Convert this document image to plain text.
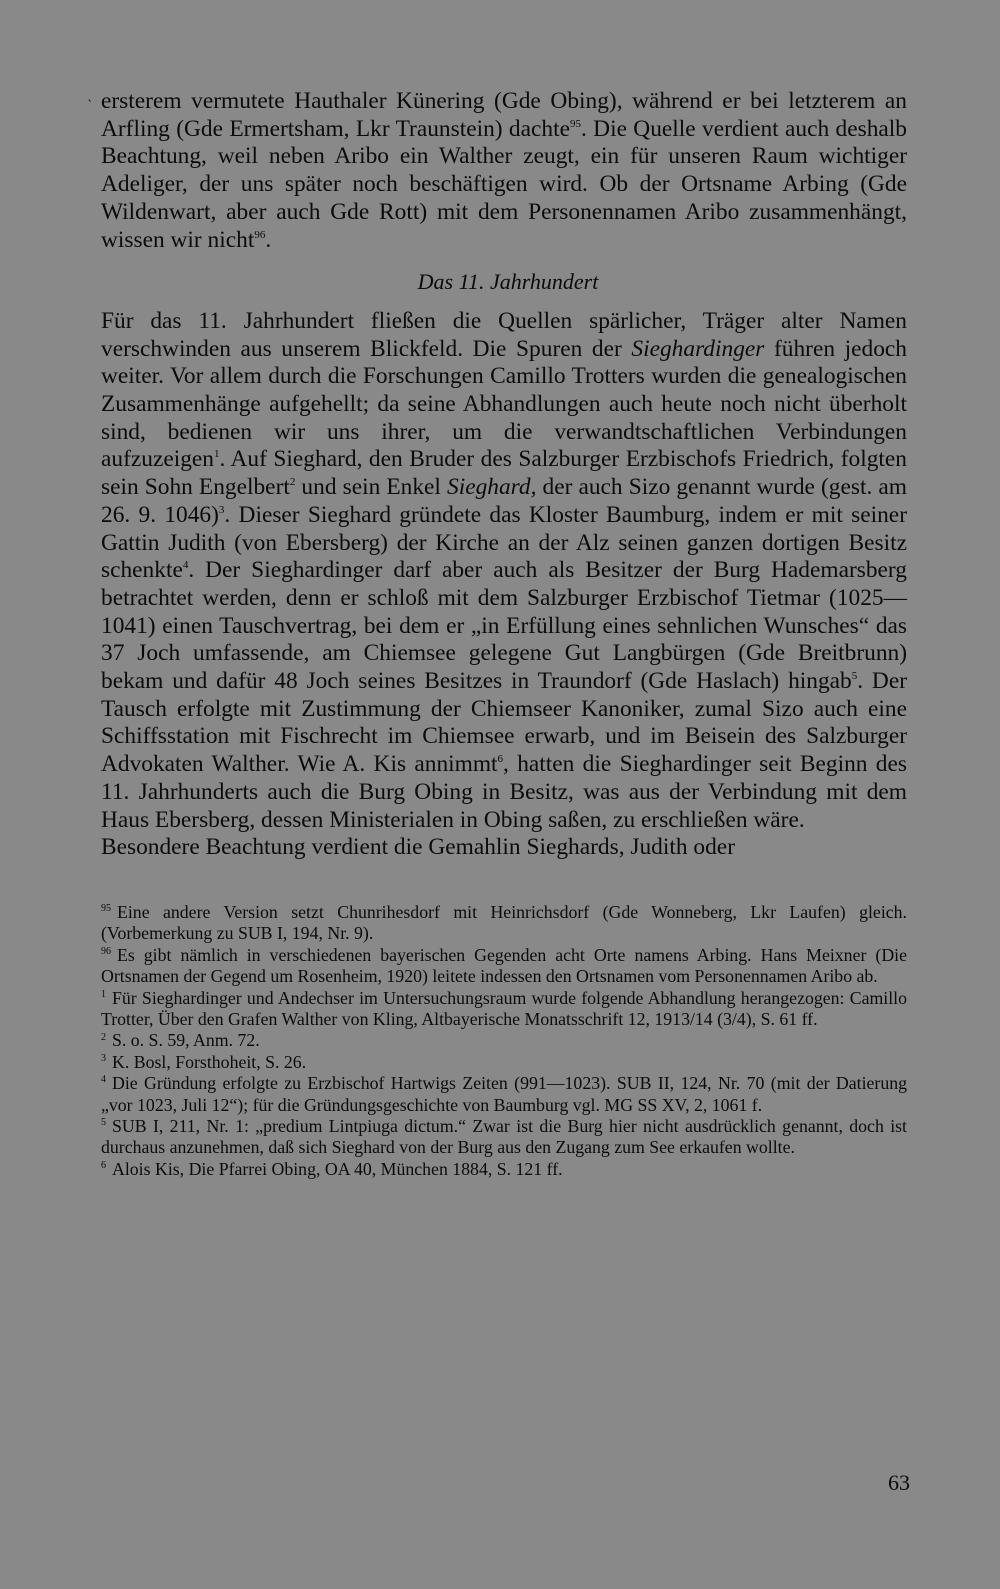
‵ ersterem vermutete Hauthaler Künering (Gde Obing), während er bei letzterem an Arfling (Gde Ermertsham, Lkr Traunstein) dachte$^{95}$. Die Quelle verdient auch deshalb Beachtung, weil neben Aribo ein Walther zeugt, ein für unseren Raum wichtiger Adeliger, der uns später noch beschäftigen wird. Ob der Ortsname Arbing (Gde Wildenwart, aber auch Gde Rott) mit dem Personennamen Aribo zusammenhängt, wissen wir nicht$^{96}$.

Das 11. Jahrhundert

Für das 11. Jahrhundert fließen die Quellen spärlicher, Träger alter Namen verschwinden aus unserem Blickfeld. Die Spuren der Sieghardinger führen jedoch weiter. Vor allem durch die Forschungen Camillo Trotters wurden die genealogischen Zusammenhänge aufgehellt; da seine Abhandlungen auch heute noch nicht überholt sind, bedienen wir uns ihrer, um die verwandtschaftlichen Verbindungen aufzuzeigen$^1$. Auf Sieghard, den Bruder des Salzburger Erzbischofs Friedrich, folgten sein Sohn Engelbert$^2$ und sein Enkel Sieghard, der auch Sizo genannt wurde (gest. am 26. 9. 1046)$^3$. Dieser Sieghard gründete das Kloster Baumburg, indem er mit seiner Gattin Judith (von Ebersberg) der Kirche an der Alz seinen ganzen dortigen Besitz schenkte$^4$. Der Sieghardinger darf aber auch als Besitzer der Burg Hademarsberg betrachtet werden, denn er schloß mit dem Salzburger Erzbischof Tietmar (1025—1041) einen Tauschvertrag, bei dem er „in Erfüllung eines sehnlichen Wunsches“ das 37 Joch umfassende, am Chiemsee gelegene Gut Langbürgen (Gde Breitbrunn) bekam und dafür 48 Joch seines Besitzes in Traundorf (Gde Haslach) hingab$^5$. Der Tausch erfolgte mit Zustimmung der Chiemseer Kanoniker, zumal Sizo auch eine Schiffsstation mit Fischrecht im Chiemsee erwarb, und im Beisein des Salzburger Advokaten Walther. Wie A. Kis annimmt$^6$, hatten die Sieghardinger seit Beginn des 11. Jahrhunderts auch die Burg Obing in Besitz, was aus der Verbindung mit dem Haus Ebersberg, dessen Ministerialen in Obing saßen, zu erschließen wäre.

Besondere Beachtung verdient die Gemahlin Sieghards, Judith oder

$^{95}$ Eine andere Version setzt Chunrihesdorf mit Heinrichsdorf (Gde Wonneberg, Lkr Laufen) gleich. (Vorbemerkung zu SUB I, 194, Nr. 9).

$^{96}$ Es gibt nämlich in verschiedenen bayerischen Gegenden acht Orte namens Arbing. Hans Meixner (Die Ortsnamen der Gegend um Rosenheim, 1920) leitete indessen den Ortsnamen vom Personennamen Aribo ab.

$^1$ Für Sieghardinger und Andechser im Untersuchungsraum wurde folgende Abhandlung herangezogen: Camillo Trotter, Über den Grafen Walther von Kling, Altbayerische Monatsschrift 12, 1913/14 (3/4), S. 61 ff.

$^2$ S. o. S. 59, Anm. 72.

$^3$ K. Bosl, Forsthoheit, S. 26.

$^4$ Die Gründung erfolgte zu Erzbischof Hartwigs Zeiten (991—1023). SUB II, 124, Nr. 70 (mit der Datierung „vor 1023, Juli 12“); für die Gründungsgeschichte von Baumburg vgl. MG SS XV, 2, 1061 f.

$^5$ SUB I, 211, Nr. 1: „predium Lintpiuga dictum.“ Zwar ist die Burg hier nicht ausdrücklich genannt, doch ist durchaus anzunehmen, daß sich Sieghard von der Burg aus den Zugang zum See erkaufen wollte.

$^6$ Alois Kis, Die Pfarrei Obing, OA 40, München 1884, S. 121 ff.

63
